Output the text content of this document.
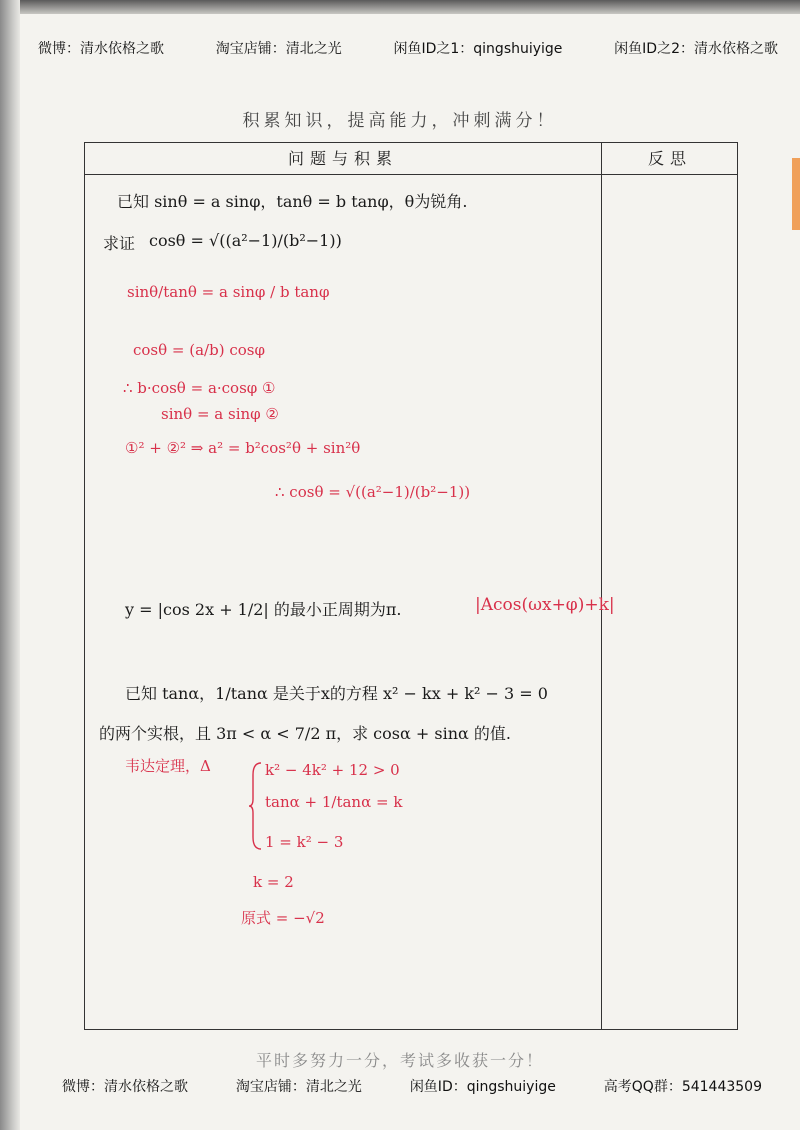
微博：清水依格之歌	淘宝店铺：清北之光	闲鱼ID之1：qingshuiyige	闲鱼ID之2：清水依格之歌
积累知识，提高能力，冲刺满分！
问题与积累	反思
已知 sinθ = a sinφ，tanθ = b tanφ，θ为锐角.
求证 cosθ = √((a²−1)/(b²−1))
sinθ/tanθ = a sinφ / b tanφ
cosθ = (a/b) cosφ
∴ b·cosθ = a·cosφ ①
sinθ = a sinφ ②
①² + ②² ⇒ a² = b²cos²θ + sin²θ
∴ cosθ = √((a²−1)/(b²−1))
y = |cos 2x + 1/2| 的最小正周期为π.	|Acos(ωx+φ)+k|
已知 tanα，1/tanα 是关于x的方程 x² − kx + k² − 3 = 0
的两个实根，且 3π < α < 7/2 π，求 cosα + sinα 的值.
韦达定理，Δ	k² − 4k² + 12 > 0
tanα + 1/tanα = k
1 = k² − 3
k = 2
原式 = −√2
平时多努力一分，考试多收获一分！
微博：清水依格之歌	淘宝店铺：清北之光	闲鱼ID：qingshuiyige	高考QQ群：541443509
